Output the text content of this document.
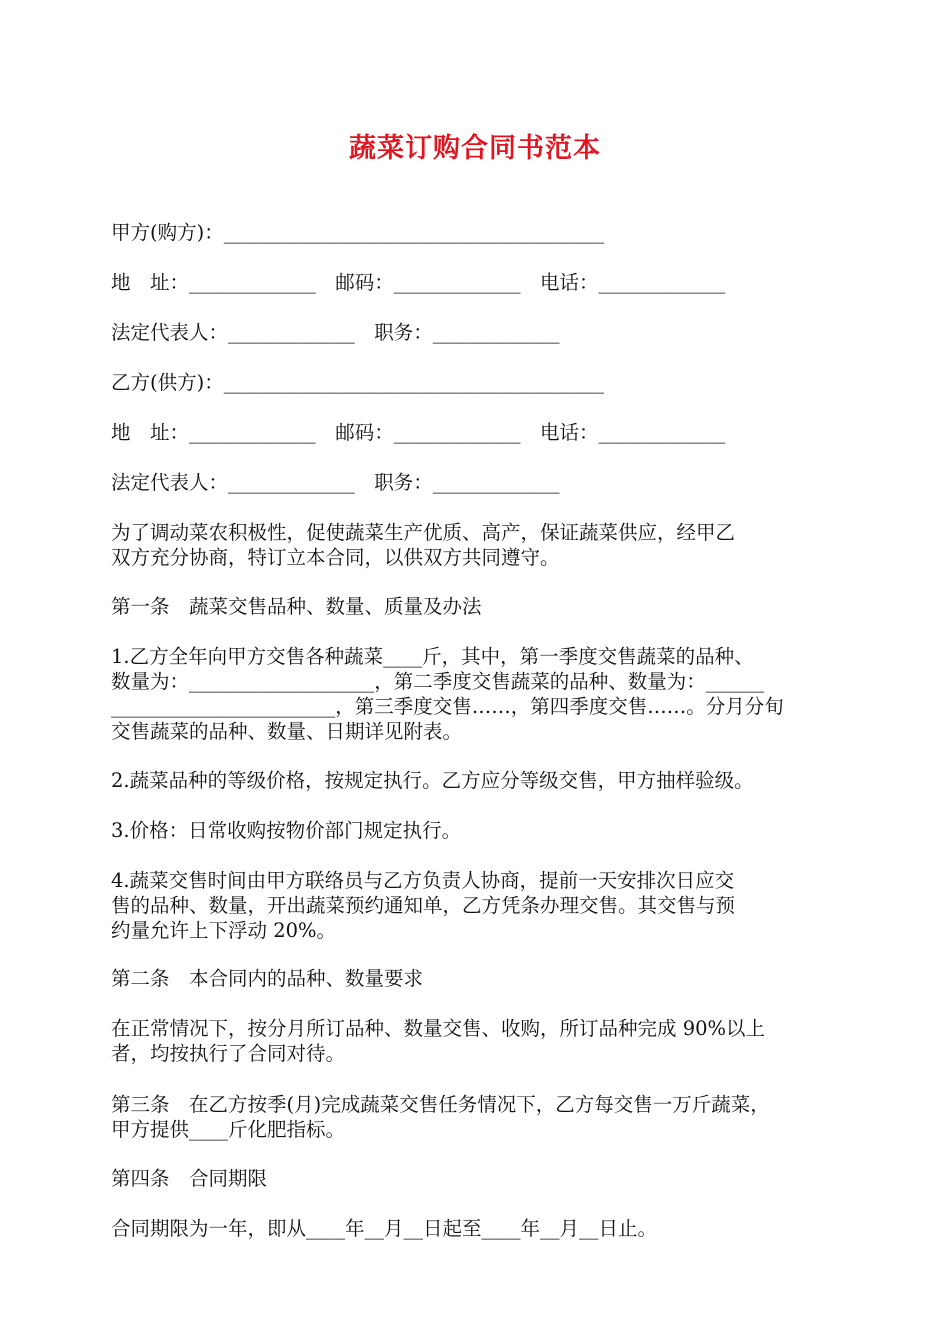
蔬菜订购合同书范本
甲方(购方)：_______________________________________
地　址：_____________　邮码：_____________　电话：_____________
法定代表人：_____________　职务：_____________
乙方(供方)：_______________________________________
地　址：_____________　邮码：_____________　电话：_____________
法定代表人：_____________　职务：_____________
为了调动菜农积极性，促使蔬菜生产优质、高产，保证蔬菜供应，经甲乙
双方充分协商，特订立本合同，以供双方共同遵守。
第一条　蔬菜交售品种、数量、质量及办法
1.乙方全年向甲方交售各种蔬菜____斤，其中，第一季度交售蔬菜的品种、
数量为：___________________，第二季度交售蔬菜的品种、数量为：______
_______________________，第三季度交售……，第四季度交售……。分月分旬
交售蔬菜的品种、数量、日期详见附表。
2.蔬菜品种的等级价格，按规定执行。乙方应分等级交售，甲方抽样验级。
3.价格：日常收购按物价部门规定执行。
4.蔬菜交售时间由甲方联络员与乙方负责人协商，提前一天安排次日应交
售的品种、数量，开出蔬菜预约通知单，乙方凭条办理交售。其交售与预
约量允许上下浮动 20%。
第二条　本合同内的品种、数量要求
在正常情况下，按分月所订品种、数量交售、收购，所订品种完成 90%以上
者，均按执行了合同对待。
第三条　在乙方按季(月)完成蔬菜交售任务情况下，乙方每交售一万斤蔬菜，
甲方提供____斤化肥指标。
第四条　合同期限
合同期限为一年，即从____年__月__日起至____年__月__日止。
